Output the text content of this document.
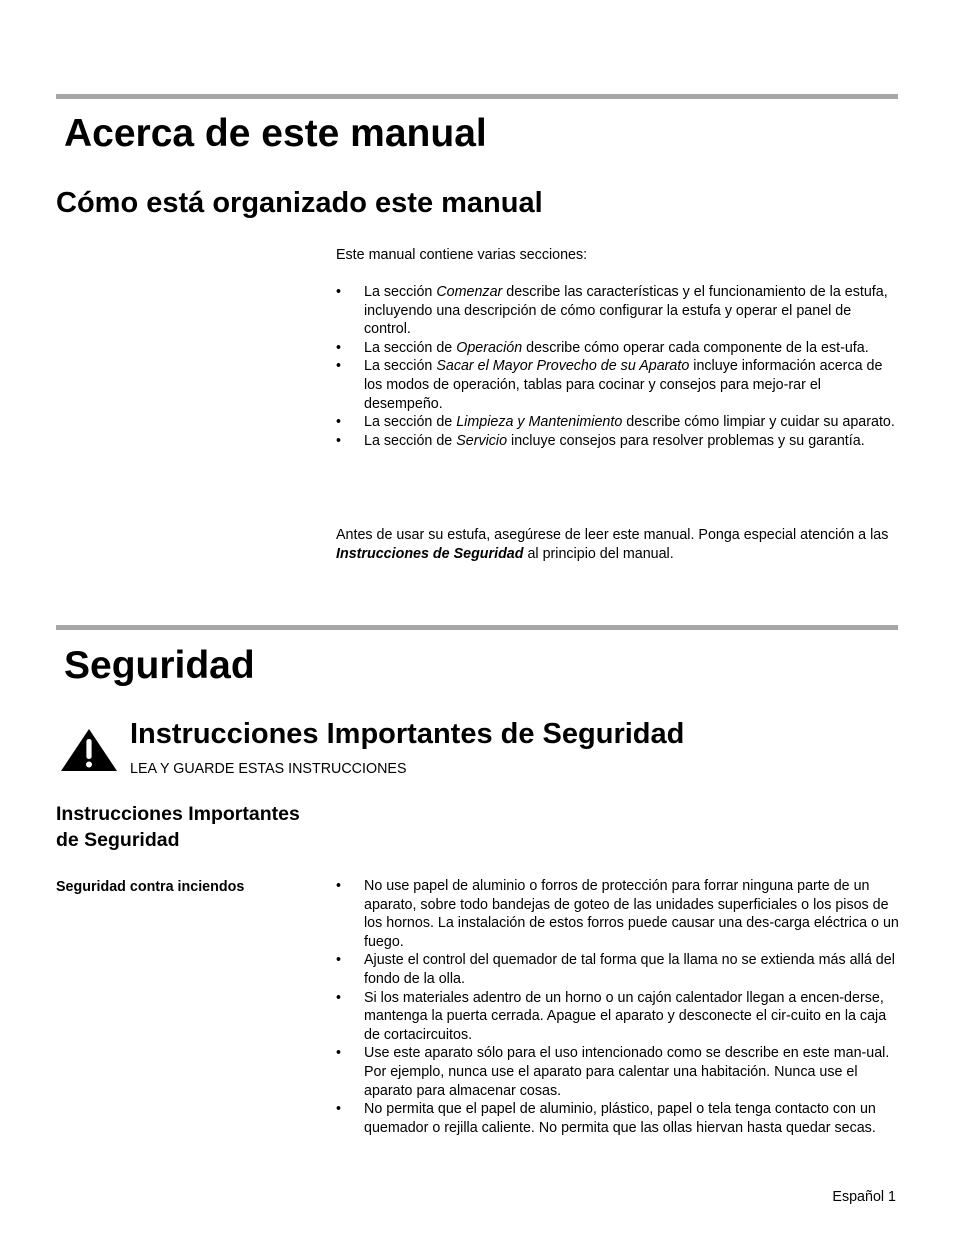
Acerca de este manual
Cómo está organizado este manual

Este manual contiene varias secciones:

• La sección Comenzar describe las características y el funcionamiento de la estufa, incluyendo una descripción de cómo configurar la estufa y operar el panel de control.
• La sección de Operación describe cómo operar cada componente de la est-ufa.
• La sección Sacar el Mayor Provecho de su Aparato incluye información acerca de los modos de operación, tablas para cocinar y consejos para mejo-rar el desempeño.
• La sección de Limpieza y Mantenimiento describe cómo limpiar y cuidar su aparato.
• La sección de Servicio incluye consejos para resolver problemas y su garantía.

Antes de usar su estufa, asegúrese de leer este manual. Ponga especial atención a las Instrucciones de Seguridad al principio del manual.

Seguridad
Instrucciones Importantes de Seguridad

LEA Y GUARDE ESTAS INSTRUCCIONES

Instrucciones Importantes
de Seguridad

Seguridad contra inciendos	• No use papel de aluminio o forros de protección para forrar ninguna parte de un aparato, sobre todo bandejas de goteo de las unidades superficiales o los pisos de los hornos. La instalación de estos forros puede causar una des-carga eléctrica o un fuego.
• Ajuste el control del quemador de tal forma que la llama no se extienda más allá del fondo de la olla.
• Si los materiales adentro de un horno o un cajón calentador llegan a encen-derse, mantenga la puerta cerrada. Apague el aparato y desconecte el cir-cuito en la caja de cortacircuitos.
• Use este aparato sólo para el uso intencionado como se describe en este man-ual. Por ejemplo, nunca use el aparato para calentar una habitación. Nunca use el aparato para almacenar cosas.
• No permita que el papel de aluminio, plástico, papel o tela tenga contacto con un quemador o rejilla caliente. No permita que las ollas hiervan hasta quedar secas.
Español 1
